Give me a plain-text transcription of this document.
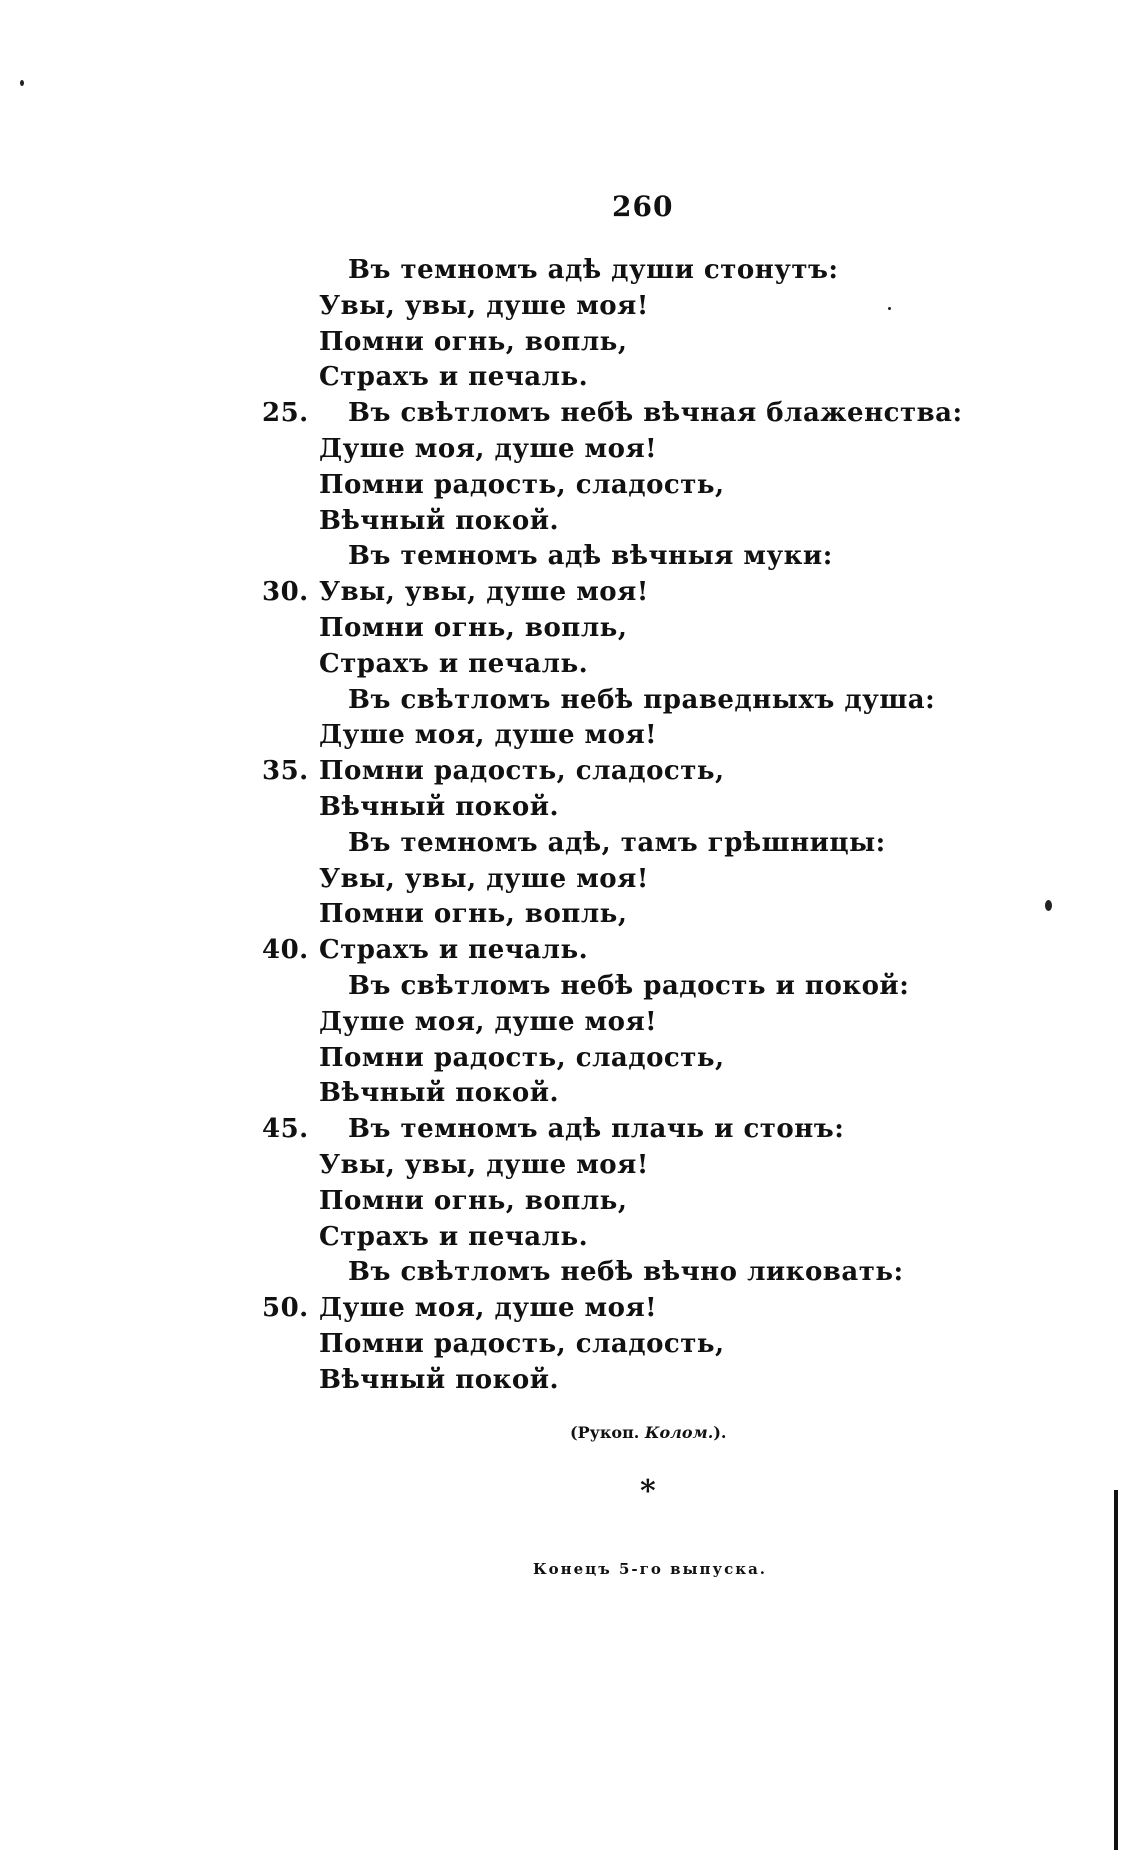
260
Въ темномъ адѣ души стонутъ:
Увы, увы, душе моя!
Помни огнь, вопль,
Страхъ и печаль.
25. Въ свѣтломъ небѣ вѣчная блаженства:
Душе моя, душе моя!
Помни радость, сладость,
Вѣчный покой.
Въ темномъ адѣ вѣчныя муки:
30. Увы, увы, душе моя!
Помни огнь, вопль,
Страхъ и печаль.
Въ свѣтломъ небѣ праведныхъ душа:
Душе моя, душе моя!
35. Помни радость, сладость,
Вѣчный покой.
Въ темномъ адѣ, тамъ грѣшницы:
Увы, увы, душе моя!
Помни огнь, вопль,
40. Страхъ и печаль.
Въ свѣтломъ небѣ радость и покой:
Душе моя, душе моя!
Помни радость, сладость,
Вѣчный покой.
45. Въ темномъ адѣ плачь и стонъ:
Увы, увы, душе моя!
Помни огнь, вопль,
Страхъ и печаль.
Въ свѣтломъ небѣ вѣчно ликовать:
50. Душе моя, душе моя!
Помни радость, сладость,
Вѣчный покой.
(Рукоп. Колом.).
*
Конецъ 5-го выпуска.
